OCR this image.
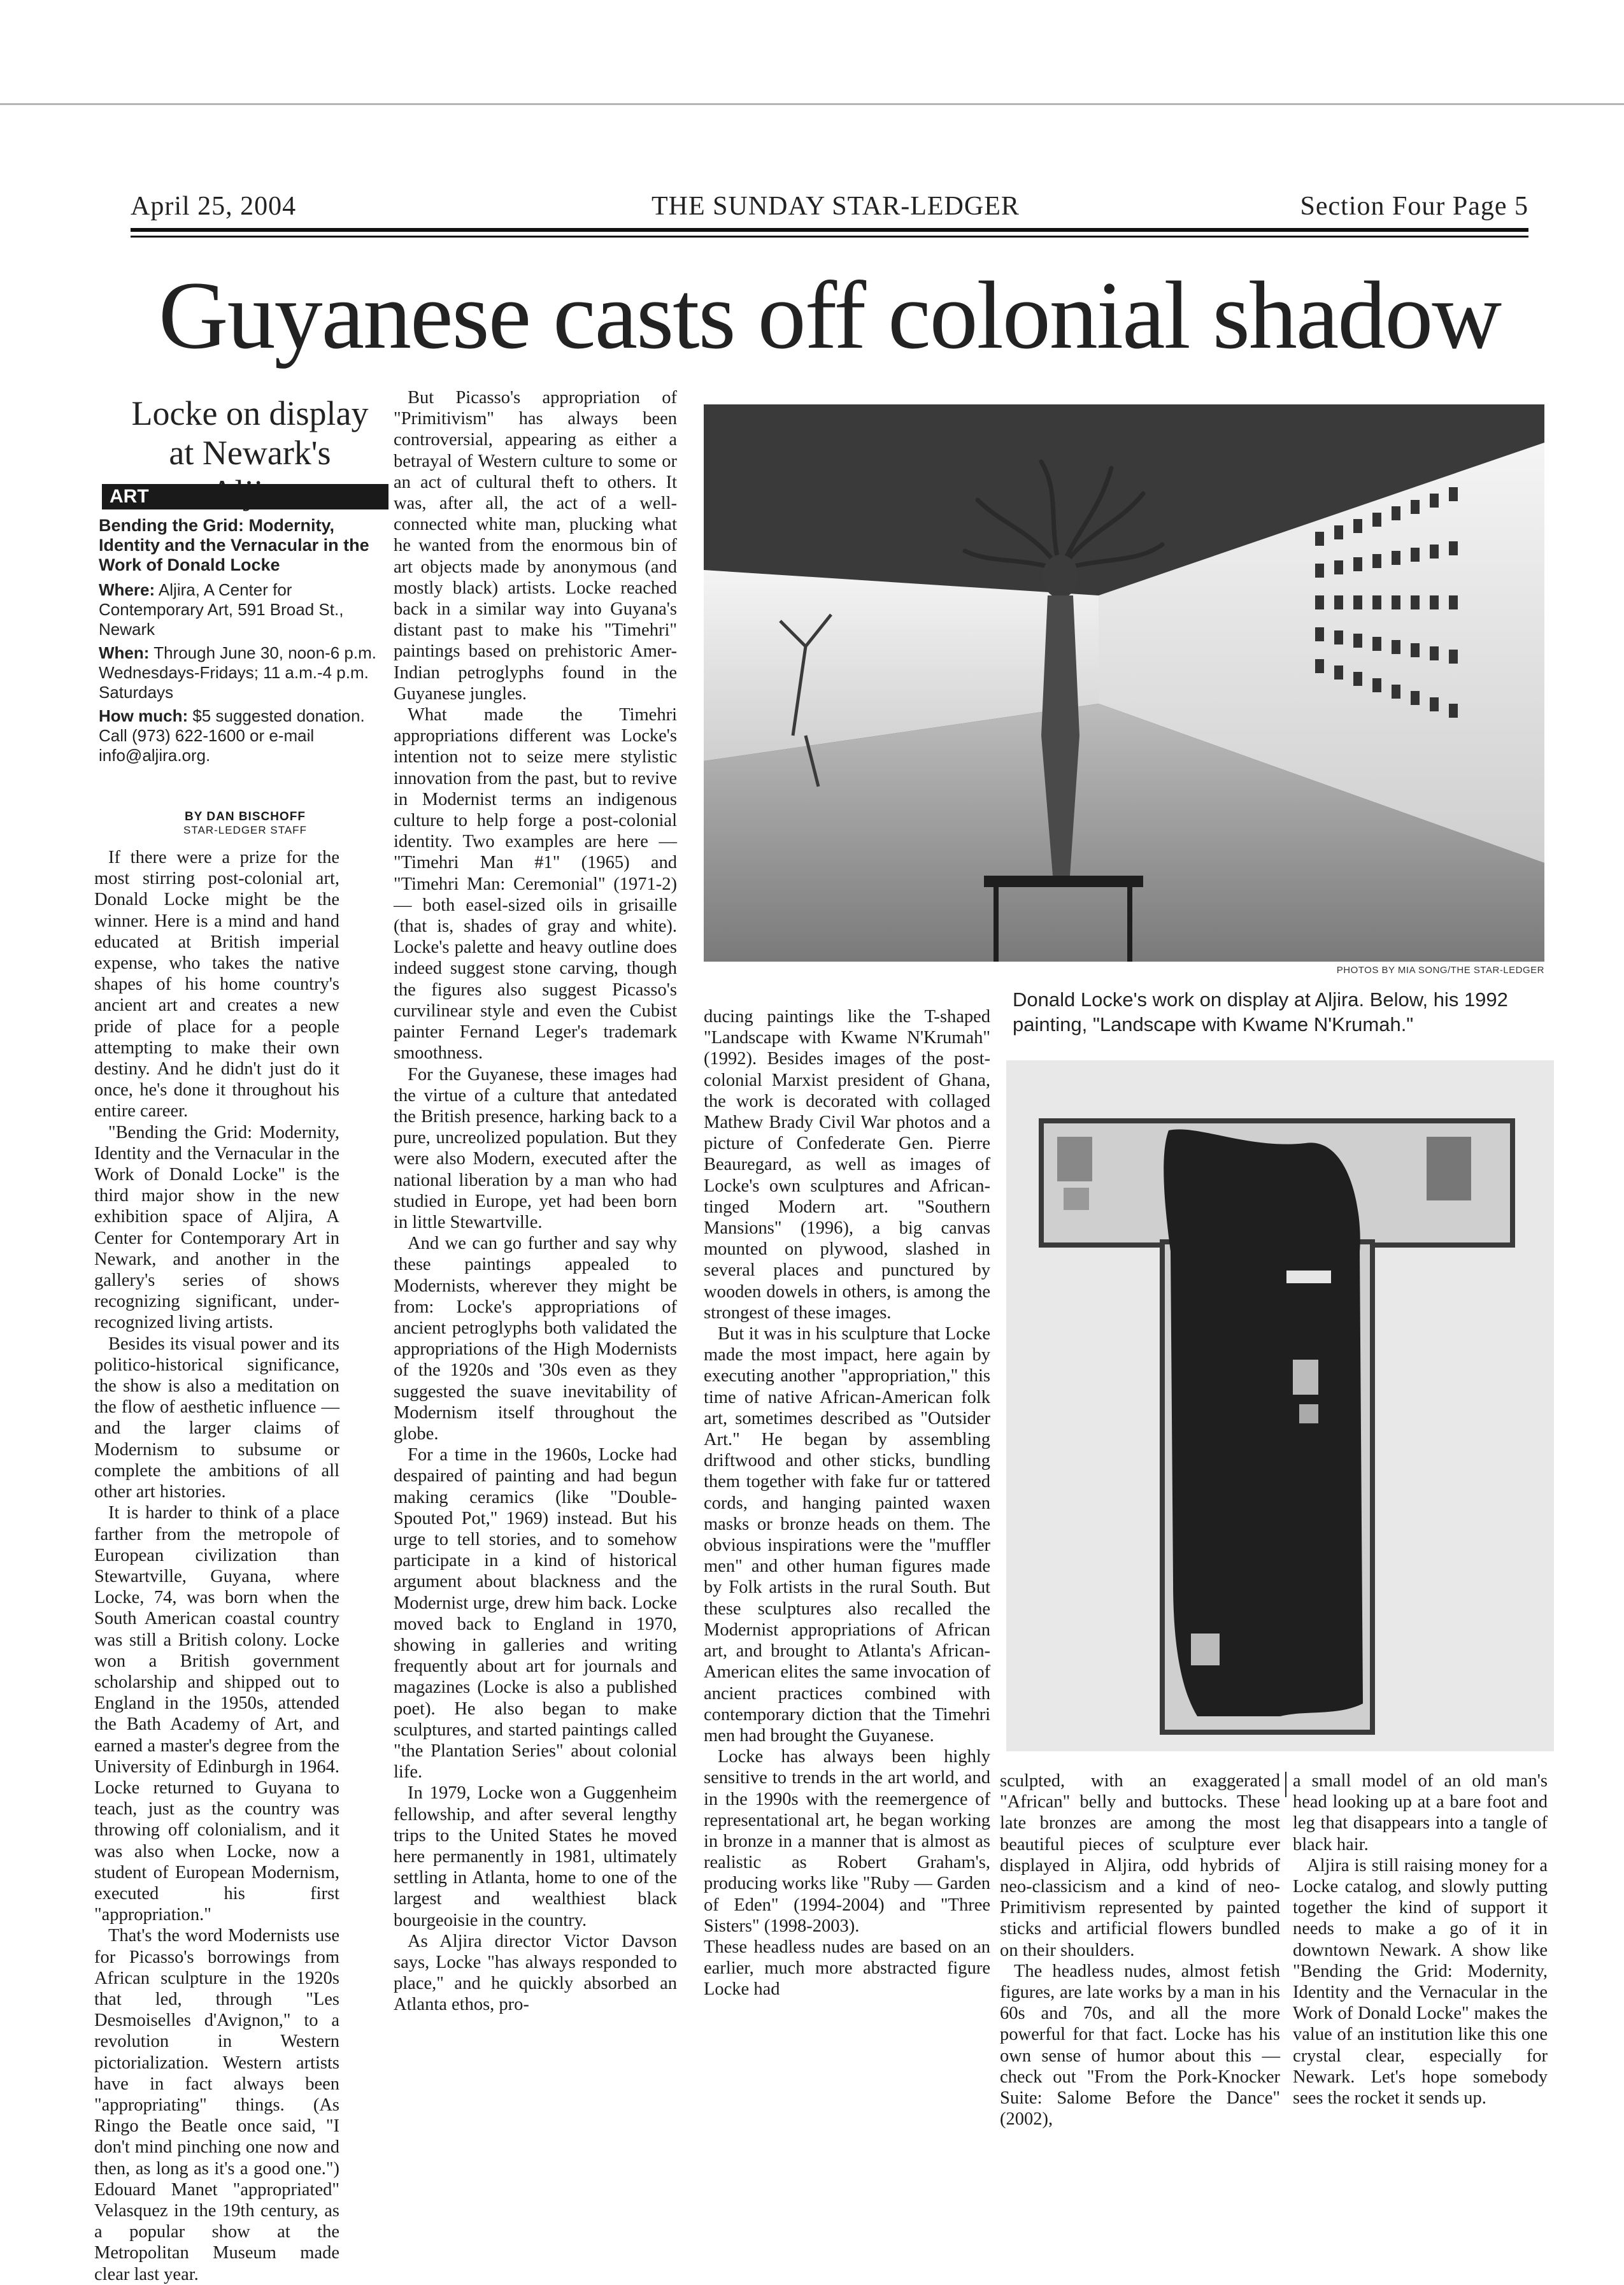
April 25, 2004	THE SUNDAY STAR-LEDGER	Section Four Page 5
Guyanese casts off colonial shadow
Locke on display at Newark's
ART
Bending the Grid: Modernity, Identity and the Vernacular in the Work of Donald Locke

Where: Aljira, A Center for Contemporary Art, 591 Broad St., Newark

When: Through June 30, noon-6 p.m. Wednesdays-Fridays; 11 a.m.-4 p.m. Saturdays

How much: $5 suggested donation. Call (973) 622-1600 or e-mail info@aljira.org.

BY DAN BISCHOFF
STAR-LEDGER STAFF

If there were a prize for the most stirring post-colonial art, Donald Locke might be the winner. Here is a mind and hand educated at British imperial expense, who takes the native shapes of his home country's ancient art and creates a new pride of place for a people attempting to make their own destiny. And he didn't just do it once, he's done it throughout his entire career.

"Bending the Grid: Modernity, Identity and the Vernacular in the Work of Donald Locke" is the third major show in the new exhibition space of Aljira, A Center for Contemporary Art in Newark, and another in the gallery's series of shows recognizing significant, under-recognized living artists.

Besides its visual power and its politico-historical significance, the show is also a meditation on the flow of aesthetic influence — and the larger claims of Modernism to subsume or complete the ambitions of all other art histories.

It is harder to think of a place farther from the metropole of European civilization than Stewartville, Guyana, where Locke, 74, was born when the South American coastal country was still a British colony. Locke won a British government scholarship and shipped out to England in the 1950s, attended the Bath Academy of Art, and earned a master's degree from the University of Edinburgh in 1964. Locke returned to Guyana to teach, just as the country was throwing off colonialism, and it was also when Locke, now a student of European Modernism, executed his first "appropriation."

That's the word Modernists use for Picasso's borrowings from African sculpture in the 1920s that led, through "Les Desmoiselles d'Avignon," to a revolution in Western pictorialization. Western artists have in fact always been "appropriating" things. (As Ringo the Beatle once said, "I don't mind pinching one now and then, as long as it's a good one.") Edouard Manet "appropriated" Velasquez in the 19th century, as a popular show at the Metropolitan Museum made clear last year.

But Picasso's appropriation of "Primitivism" has always been controversial, appearing as either a betrayal of Western culture to some or an act of cultural theft to others. It was, after all, the act of a well-connected white man, plucking what he wanted from the enormous bin of art objects made by anonymous (and mostly black) artists. Locke reached back in a similar way into Guyana's distant past to make his "Timehri" paintings based on prehistoric Amer-Indian petroglyphs found in the Guyanese jungles.

What made the Timehri appropriations different was Locke's intention not to seize mere stylistic innovation from the past, but to revive in Modernist terms an indigenous culture to help forge a post-colonial identity. Two examples are here — "Timehri Man #1" (1965) and "Timehri Man: Ceremonial" (1971-2) — both easel-sized oils in grisaille (that is, shades of gray and white). Locke's palette and heavy outline does indeed suggest stone carving, though the figures also suggest Picasso's curvilinear style and even the Cubist painter Fernand Leger's trademark smoothness.

For the Guyanese, these images had the virtue of a culture that antedated the British presence, harking back to a pure, uncreolized population. But they were also Modern, executed after the national liberation by a man who had studied in Europe, yet had been born in little Stewartville.

And we can go further and say why these paintings appealed to Modernists, wherever they might be from: Locke's appropriations of ancient petroglyphs both validated the appropriations of the High Modernists of the 1920s and '30s even as they suggested the suave inevitability of Modernism itself throughout the globe.

For a time in the 1960s, Locke had despaired of painting and had begun making ceramics (like "Double-Spouted Pot," 1969) instead. But his urge to tell stories, and to somehow participate in a kind of historical argument about blackness and the Modernist urge, drew him back. Locke moved back to England in 1970, showing in galleries and writing frequently about art for journals and magazines (Locke is also a published poet). He also began to make sculptures, and started paintings called "the Plantation Series" about colonial life.

In 1979, Locke won a Guggenheim fellowship, and after several lengthy trips to the United States he moved here permanently in 1981, ultimately settling in Atlanta, home to one of the largest and wealthiest black bourgeoisie in the country.

As Aljira director Victor Davson says, Locke "has always responded to place," and he quickly absorbed an Atlanta ethos, pro-

PHOTOS BY MIA SONG/THE STAR-LEDGER
Donald Locke's work on display at Aljira. Below, his 1992 painting, "Landscape with Kwame N'Krumah."

ducing paintings like the T-shaped "Landscape with Kwame N'Krumah" (1992). Besides images of the post-colonial Marxist president of Ghana, the work is decorated with collaged Mathew Brady Civil War photos and a picture of Confederate Gen. Pierre Beauregard, as well as images of Locke's own sculptures and African-tinged Modern art. "Southern Mansions" (1996), a big canvas mounted on plywood, slashed in several places and punctured by wooden dowels in others, is among the strongest of these images.

But it was in his sculpture that Locke made the most impact, here again by executing another "appropriation," this time of native African-American folk art, sometimes described as "Outsider Art." He began by assembling driftwood and other sticks, bundling them together with fake fur or tattered cords, and hanging painted waxen masks or bronze heads on them. The obvious inspirations were the "muffler men" and other human figures made by Folk artists in the rural South. But these sculptures also recalled the Modernist appropriations of African art, and brought to Atlanta's African-American elites the same invocation of ancient practices combined with contemporary diction that the Timehri men had brought the Guyanese.

Locke has always been highly sensitive to trends in the art world, and in the 1990s with the reemergence of representational art, he began working in bronze in a manner that is almost as realistic as Robert Graham's, producing works like "Ruby — Garden of Eden" (1994-2004) and "Three Sisters" (1998-2003).

These headless nudes are based on an earlier, much more abstracted figure Locke had

sculpted, with an exaggerated "African" belly and buttocks. These late bronzes are among the most beautiful pieces of sculpture ever displayed in Aljira, odd hybrids of neo-classicism and a kind of neo-Primitivism represented by painted sticks and artificial flowers bundled on their shoulders.

The headless nudes, almost fetish figures, are late works by a man in his 60s and 70s, and all the more powerful for that fact. Locke has his own sense of humor about this — check out "From the Pork-Knocker Suite: Salome Before the Dance" (2002),

a small model of an old man's head looking up at a bare foot and leg that disappears into a tangle of black hair.

Aljira is still raising money for a Locke catalog, and slowly putting together the kind of support it needs to make a go of it in downtown Newark. A show like "Bending the Grid: Modernity, Identity and the Vernacular in the Work of Donald Locke" makes the value of an institution like this one crystal clear, especially for Newark. Let's hope somebody sees the rocket it sends up.
